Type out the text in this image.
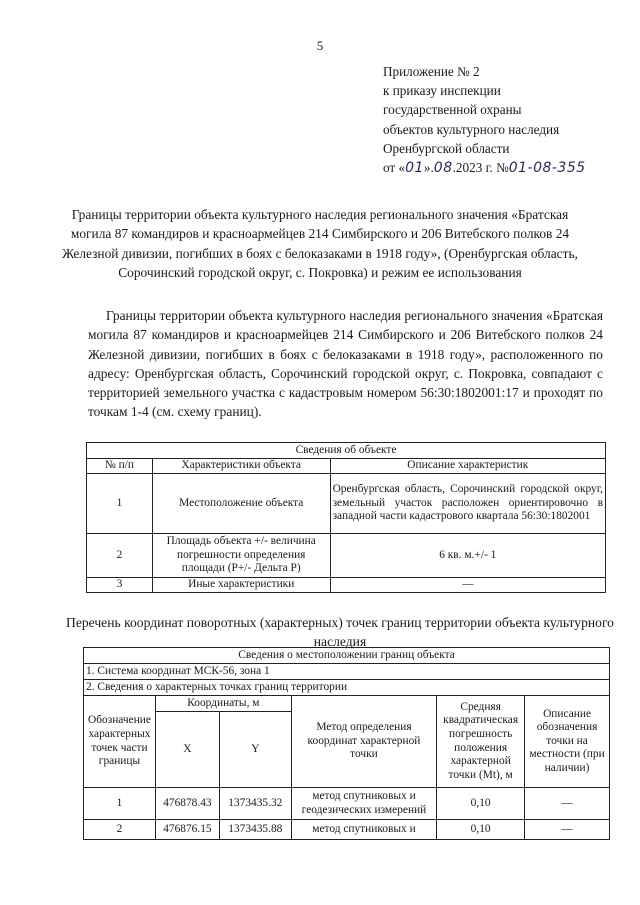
5
Приложение № 2
к приказу инспекции
государственной охраны
объектов культурного наследия
Оренбургской области
от «01».08.2023 г. №01-08-355
Границы территории объекта культурного наследия регионального значения «Братская могила 87 командиров и красноармейцев 214 Симбирского и 206 Витебского полков 24 Железной дивизии, погибших в боях с белоказаками в 1918 году», (Оренбургская область, Сорочинский городской округ, с. Покровка) и режим ее использования
Границы территории объекта культурного наследия регионального значения «Братская могила 87 командиров и красноармейцев 214 Симбирского и 206 Витебского полков 24 Железной дивизии, погибших в боях с белоказаками в 1918 году», расположенного по адресу: Оренбургская область, Сорочинский городской округ, с. Покровка, совпадают с территорией земельного участка с кадастровым номером 56:30:1802001:17 и проходят по точкам 1-4 (см. схему границ).
Сведения об объекте		
№ п/п	Характеристики объекта	Описание характеристик
1	Местоположение объекта	Оренбургская область, Сорочинский городской округ, земельный участок расположен ориентировочно в западной части кадастрового квартала 56:30:1802001
2	Площадь объекта +/- величина погрешности определения площади (P+/- Дельта P)	6 кв. м.+/- 1
3	Иные характеристики	—
Перечень координат поворотных (характерных) точек границ территории объекта культурного наследия
Сведения о местоположении границ объекта					
1. Система координат МСК-56, зона 1					
2. Сведения о характерных точках границ территории					
Обозначение характерных точек части границы	Координаты, м		Метод определения координат характерной точки	Средняя квадратическая погрешность положения характерной точки (Mt), м	Описание обозначения точки на местности (при наличии)
	X	Y			
1	476878.43	1373435.32	метод спутниковых и геодезических измерений	0,10	—
2	476876.15	1373435.88	метод спутниковых и	0,10	—
